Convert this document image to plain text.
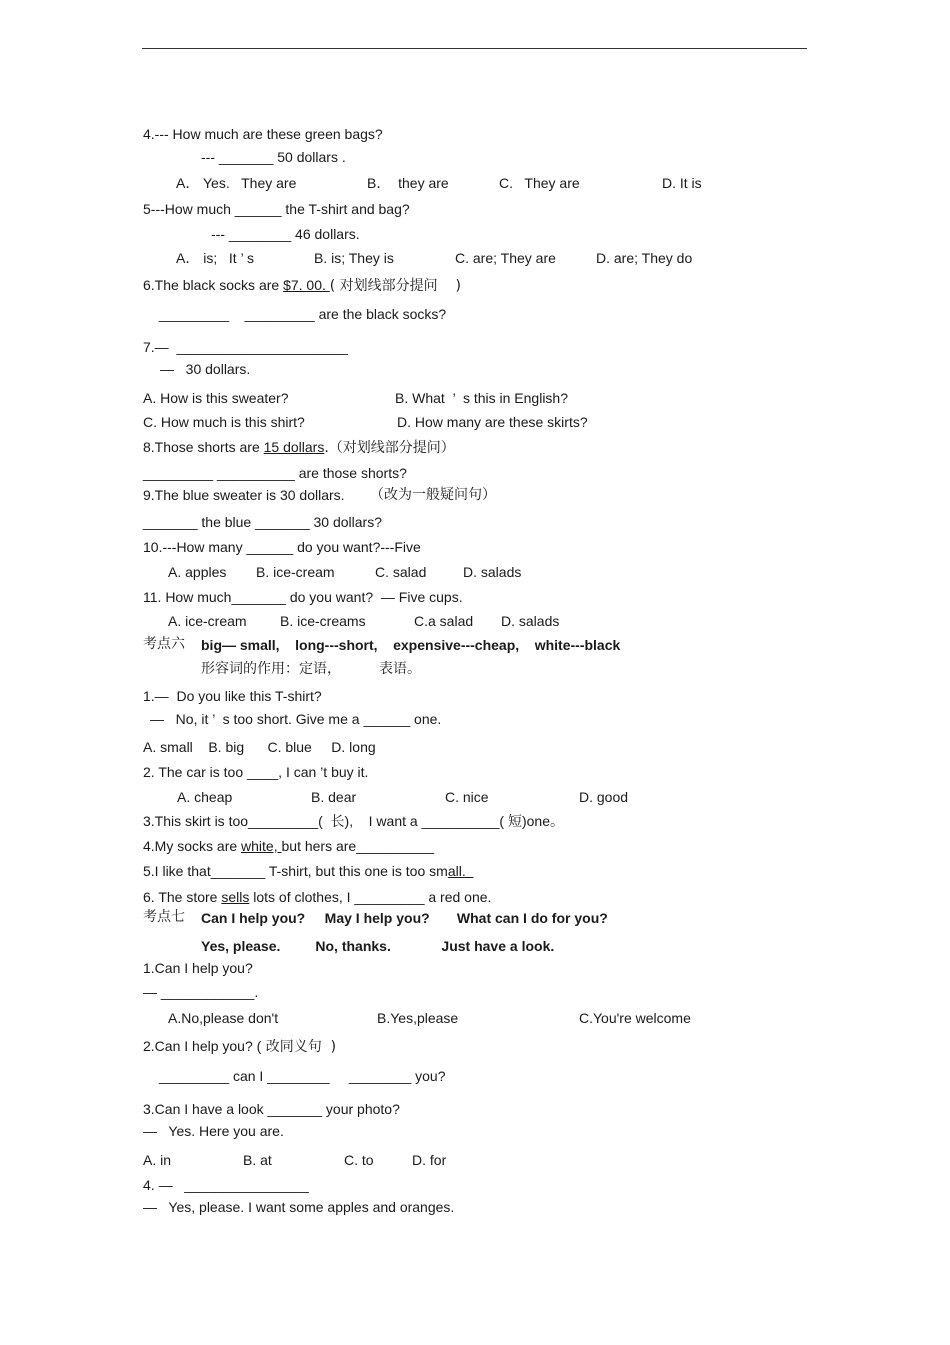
4.--- How much are these green bags?
--- _______ 50 dollars .
A． Yes.   They are	B．  they are	C.   They are	D. It is
5---How much ______ the T-shirt and bag?
--- ________ 46 dollars.
A． is;   It ’ s	B. is; They is	C. are; They are	D. are; They do
6.The black socks are $7. 00. ( 对划线部分提问    )
_________    _________ are the black socks?
7.—  ______________________
—   30 dollars.
A. How is this sweater?	B. What  ’  s this in English?
C. How much is this shirt?	D. How many are these skirts?
8.Those shorts are 15 dollars.（对划线部分提问）
_________ __________ are those shorts?
9.The blue sweater is 30 dollars. （改为一般疑问句）
_______ the blue _______ 30 dollars?
10.---How many ______ do you want?---Five
A. apples B. ice-cream	C. salad	D. salads
11. How much_______ do you want?  — Five cups.
A. ice-cream B. ice-creams	C.a salad D. salads
考点六 big— small,    long---short,    expensive---cheap,    white---black
形容词的作用：定语，	表语。
1.—  Do you like this T-shirt?
—   No, it ’  s too short. Give me a ______ one.
A. small    B. big      C. blue     D. long
2. The car is too ____, I can ’t buy it.
A. cheap	B. dear	C. nice	D. good
3.This skirt is too_________(  长),    I want a __________( 短)one。
4.My socks are white, but hers are__________
5.I like that_______ T-shirt, but this one is too small.
6. The store sells lots of clothes, I _________ a red one.
考点七 Can I help you?     May I help you?       What can I do for you?
Yes, please.         No, thanks.             Just have a look.
1.Can I help you?
— ____________.
A.No,please don't	B.Yes,please	C.You're welcome
2.Can I help you? ( 改同义句  )
_________ can I ________     ________ you?
3.Can I have a look _______ your photo?
—   Yes. Here you are.
A. in	B. at	C. to	D. for
4. —   ________________
—   Yes, please. I want some apples and oranges.
